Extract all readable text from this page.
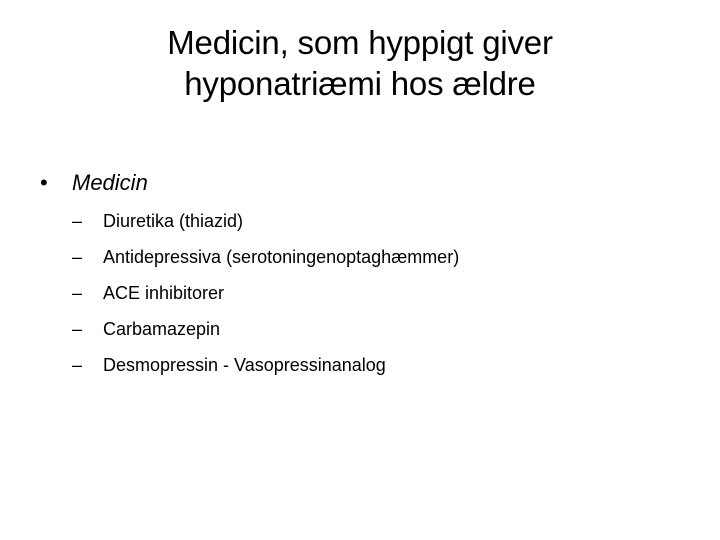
Medicin, som hyppigt giver
hyponatriæmi hos ældre
•	Medicin
–	Diuretika (thiazid)
–	Antidepressiva (serotoningenoptaghæmmer)
–	ACE inhibitorer
–	Carbamazepin
–	Desmopressin - Vasopressinanalog
